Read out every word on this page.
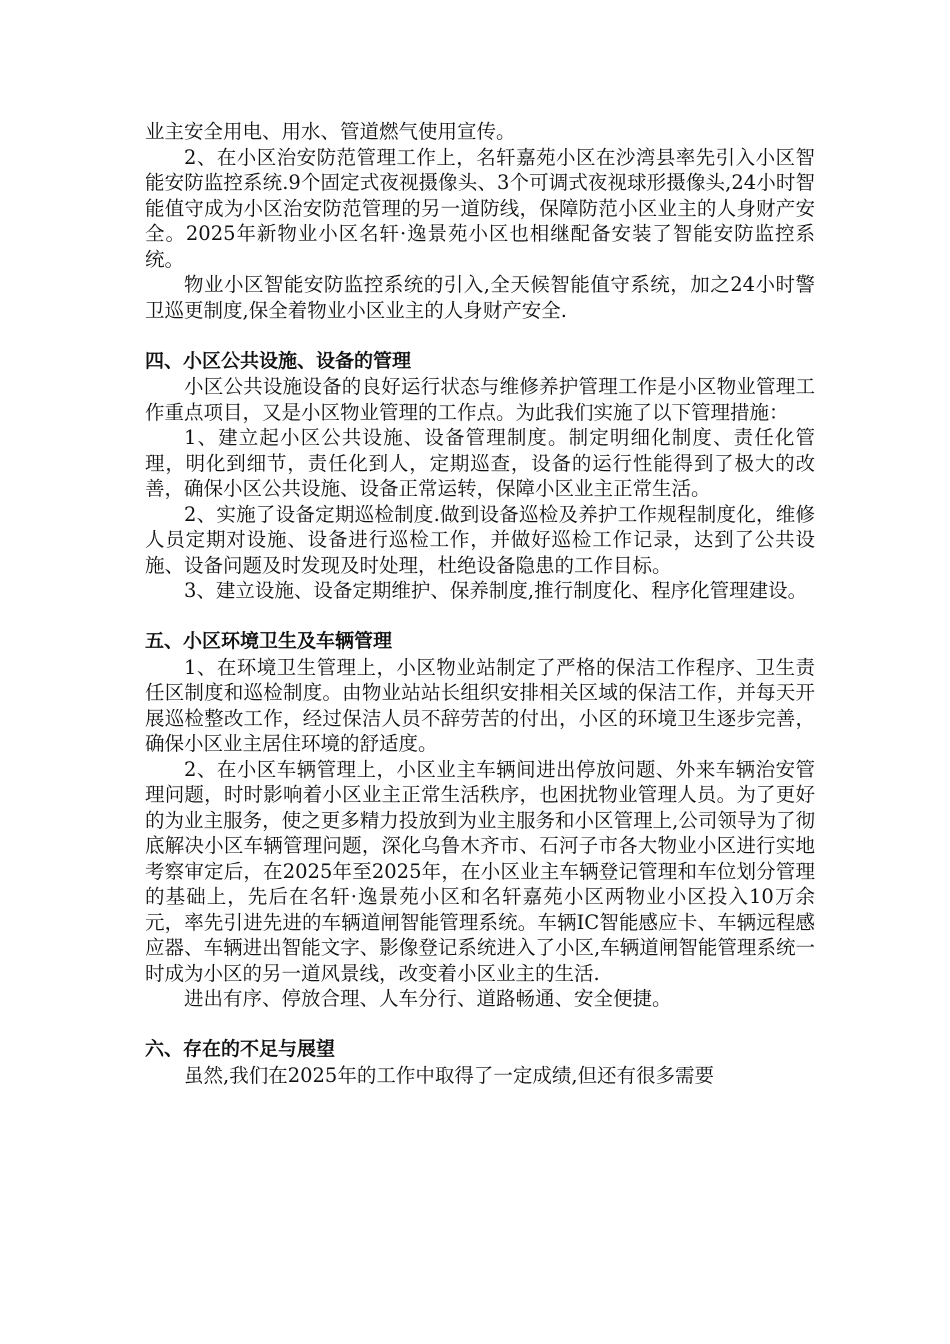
业主安全用电、用水、管道燃气使用宣传。

2、在小区治安防范管理工作上，名轩嘉苑小区在沙湾县率先引入小区智能安防监控系统.9个固定式夜视摄像头、3个可调式夜视球形摄像头,24小时智能值守成为小区治安防范管理的另一道防线，保障防范小区业主的人身财产安全。2025年新物业小区名轩·逸景苑小区也相继配备安装了智能安防监控系统。

物业小区智能安防监控系统的引入,全天候智能值守系统，加之24小时警卫巡更制度,保全着物业小区业主的人身财产安全.

四、小区公共设施、设备的管理

小区公共设施设备的良好运行状态与维修养护管理工作是小区物业管理工作重点项目，又是小区物业管理的工作点。为此我们实施了以下管理措施：

1、建立起小区公共设施、设备管理制度。制定明细化制度、责任化管理，明化到细节，责任化到人，定期巡查，设备的运行性能得到了极大的改善，确保小区公共设施、设备正常运转，保障小区业主正常生活。

2、实施了设备定期巡检制度.做到设备巡检及养护工作规程制度化，维修人员定期对设施、设备进行巡检工作，并做好巡检工作记录，达到了公共设施、设备问题及时发现及时处理，杜绝设备隐患的工作目标。

3、建立设施、设备定期维护、保养制度,推行制度化、程序化管理建设。

五、小区环境卫生及车辆管理

1、在环境卫生管理上，小区物业站制定了严格的保洁工作程序、卫生责任区制度和巡检制度。由物业站站长组织安排相关区域的保洁工作，并每天开展巡检整改工作，经过保洁人员不辞劳苦的付出，小区的环境卫生逐步完善，确保小区业主居住环境的舒适度。

2、在小区车辆管理上，小区业主车辆间进出停放问题、外来车辆治安管理问题，时时影响着小区业主正常生活秩序，也困扰物业管理人员。为了更好的为业主服务，使之更多精力投放到为业主服务和小区管理上,公司领导为了彻底解决小区车辆管理问题，深化乌鲁木齐市、石河子市各大物业小区进行实地考察审定后，在2025年至2025年，在小区业主车辆登记管理和车位划分管理的基础上，先后在名轩·逸景苑小区和名轩嘉苑小区两物业小区投入10万余元，率先引进先进的车辆道闸智能管理系统。车辆IC智能感应卡、车辆远程感应器、车辆进出智能文字、影像登记系统进入了小区,车辆道闸智能管理系统一时成为小区的另一道风景线，改变着小区业主的生活.

进出有序、停放合理、人车分行、道路畅通、安全便捷。

六、存在的不足与展望

虽然,我们在2025年的工作中取得了一定成绩,但还有很多需要
